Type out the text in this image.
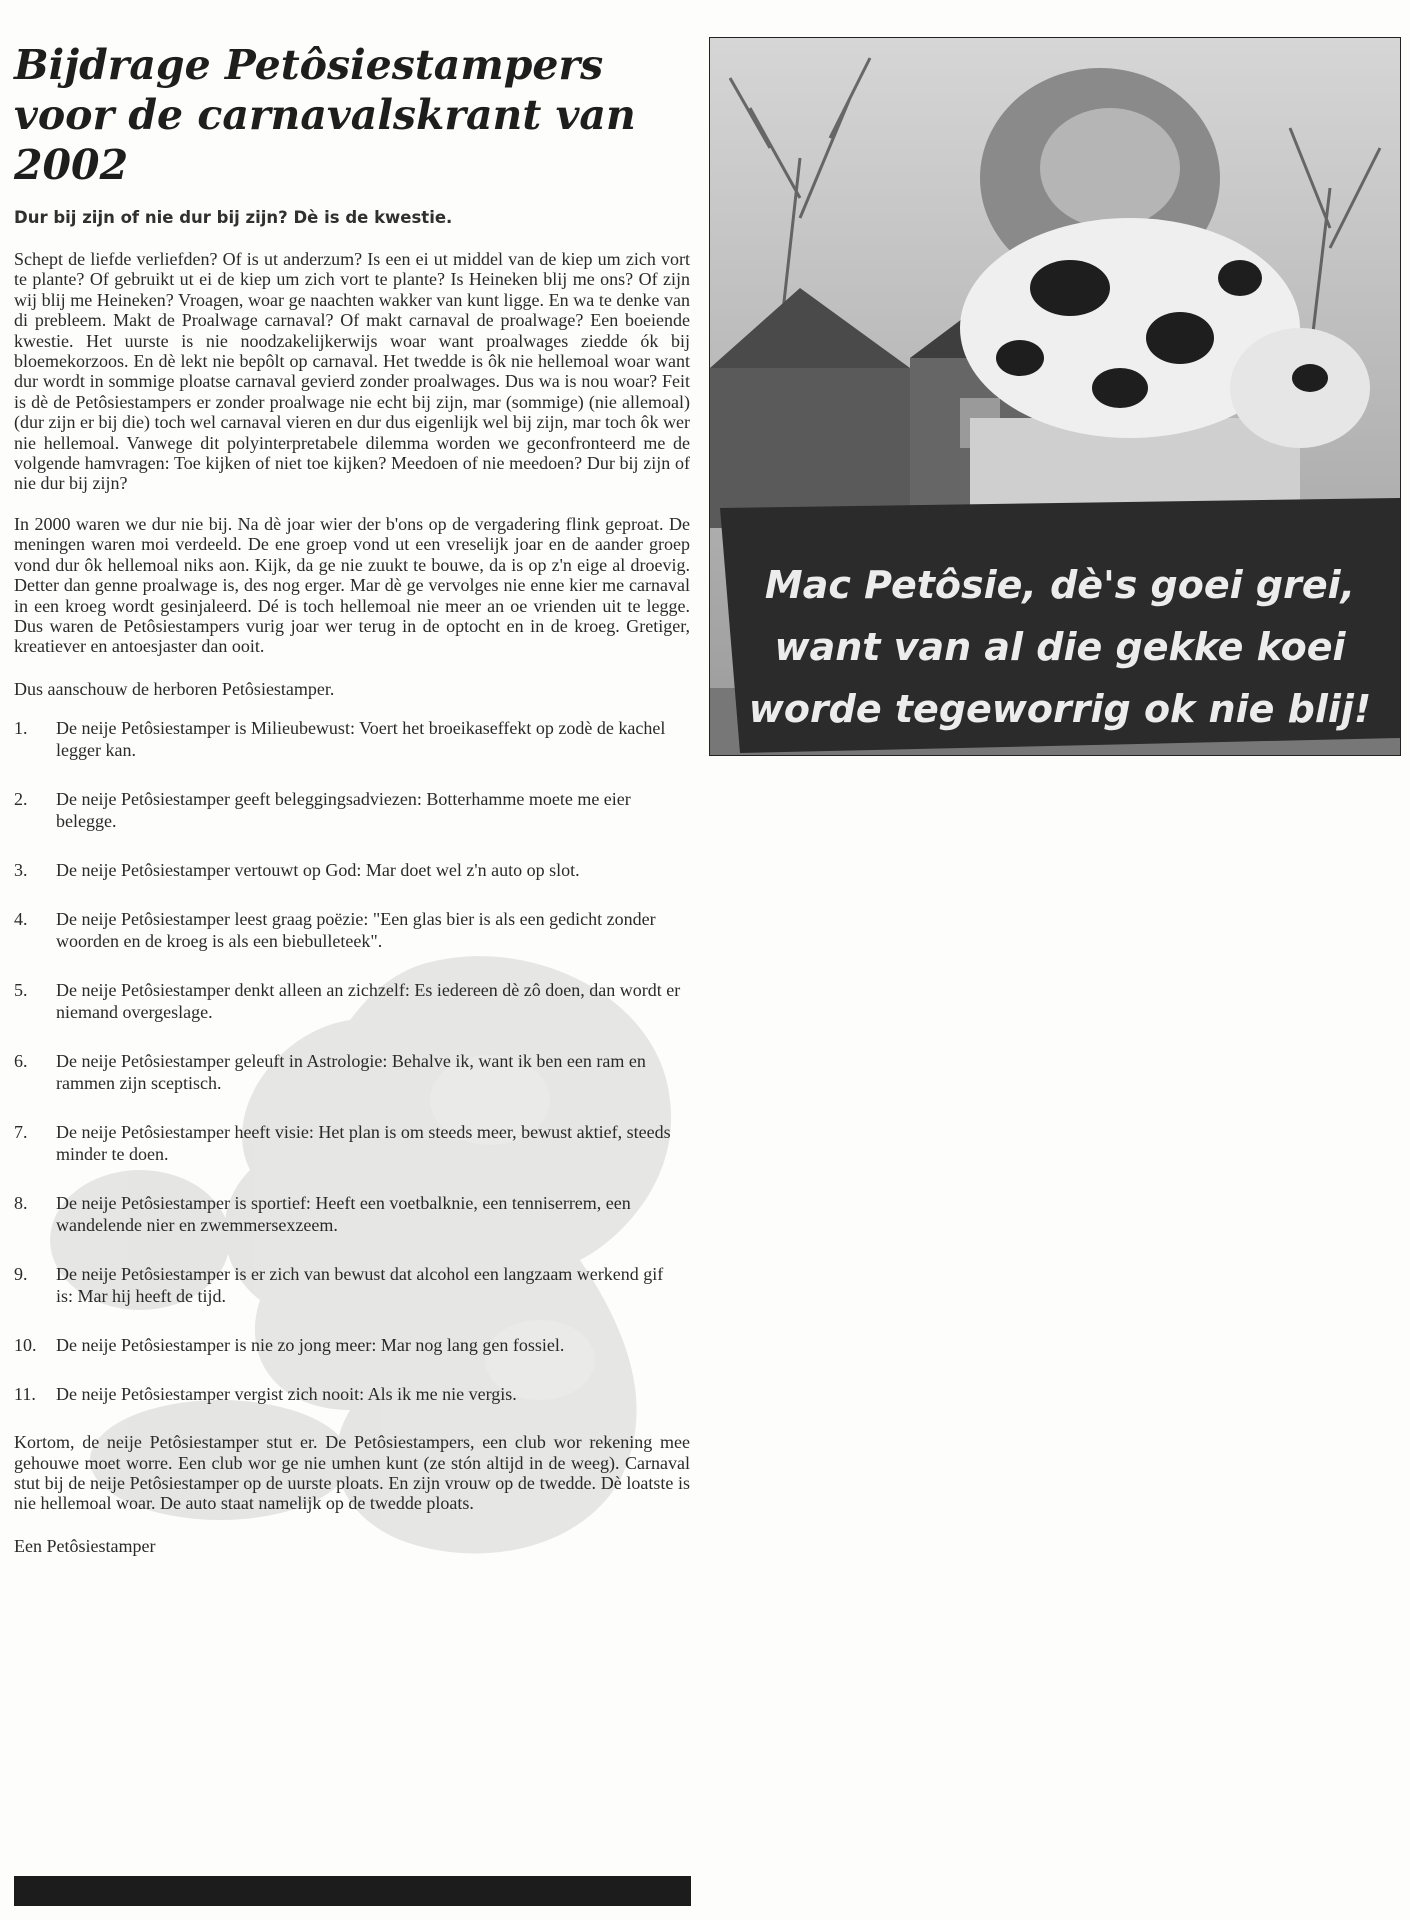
Bijdrage Petôsiestampers
voor de carnavalskrant van 2002

Dur bij zijn of nie dur bij zijn? Dè is de kwestie.

Schept de liefde verliefden? Of is ut anderzum? Is een ei ut middel van de kiep um zich vort te plante? Of gebruikt ut ei de kiep um zich vort te plante? Is Heineken blij me ons? Of zijn wij blij me Heineken? Vroagen, woar ge naachten wakker van kunt ligge. En wa te denke van di prebleem. Makt de Proalwage carnaval? Of makt carnaval de proalwage? Een boeiende kwestie. Het uurste is nie noodzakelijkerwijs woar want proalwages ziedde ók bij bloemekorzoos. En dè lekt nie bepôlt op carnaval. Het twedde is ôk nie hellemoal woar want dur wordt in sommige ploatse carnaval gevierd zonder proalwages. Dus wa is nou woar? Feit is dè de Petôsiestampers er zonder proalwage nie echt bij zijn, mar (sommige) (nie allemoal) (dur zijn er bij die) toch wel carnaval vieren en dur dus eigenlijk wel bij zijn, mar toch ôk wer nie hellemoal. Vanwege dit polyinterpretabele dilemma worden we geconfronteerd me de volgende hamvragen: Toe kijken of niet toe kijken? Meedoen of nie meedoen? Dur bij zijn of nie dur bij zijn?

In 2000 waren we dur nie bij. Na dè joar wier der b'ons op de vergadering flink geproat. De meningen waren moi verdeeld. De ene groep vond ut een vreselijk joar en de aander groep vond dur ôk hellemoal niks aon. Kijk, da ge nie zuukt te bouwe, da is op z'n eige al droevig. Detter dan genne proalwage is, des nog erger. Mar dè ge vervolges nie enne kier me carnaval in een kroeg wordt gesinjaleerd. Dé is toch hellemoal nie meer an oe vrienden uit te legge. Dus waren de Petôsiestampers vurig joar wer terug in de optocht en in de kroeg. Gretiger, kreatiever en antoesjaster dan ooit.

Dus aanschouw de herboren Petôsiestamper.

1.	De neije Petôsiestamper is Milieubewust: Voert het broeikaseffekt op zodè de kachel legger kan.
2.	De neije Petôsiestamper geeft beleggingsadviezen: Botterhamme moete me eier belegge.
3.	De neije Petôsiestamper vertouwt op God: Mar doet wel z'n auto op slot.
4.	De neije Petôsiestamper leest graag poëzie: "Een glas bier is als een gedicht zonder woorden en de kroeg is als een biebulleteek".
5.	De neije Petôsiestamper denkt alleen an zichzelf: Es iedereen dè zô doen, dan wordt er niemand overgeslage.
6.	De neije Petôsiestamper geleuft in Astrologie: Behalve ik, want ik ben een ram en rammen zijn sceptisch.
7.	De neije Petôsiestamper heeft visie: Het plan is om steeds meer, bewust aktief, steeds minder te doen.
8.	De neije Petôsiestamper is sportief: Heeft een voetbalknie, een tenniserrem, een wandelende nier en zwemmersexzeem.
9.	De neije Petôsiestamper is er zich van bewust dat alcohol een langzaam werkend gif is: Mar hij heeft de tijd.
10.	De neije Petôsiestamper is nie zo jong meer: Mar nog lang gen fossiel.
11.	De neije Petôsiestamper vergist zich nooit: Als ik me nie vergis.

Kortom, de neije Petôsiestamper stut er. De Petôsiestampers, een club wor rekening mee gehouwe moet worre. Een club wor ge nie umhen kunt (ze stón altijd in de weeg). Carnaval stut bij de neije Petôsiestamper op de uurste ploats. En zijn vrouw op de twedde. Dè loatste is nie hellemoal woar. De auto staat namelijk op de twedde ploats.

Een Petôsiestamper

Mac Petôsie, dè's goei grei,
want van al die gekke koei
worde tegeworrig ok nie blij!
